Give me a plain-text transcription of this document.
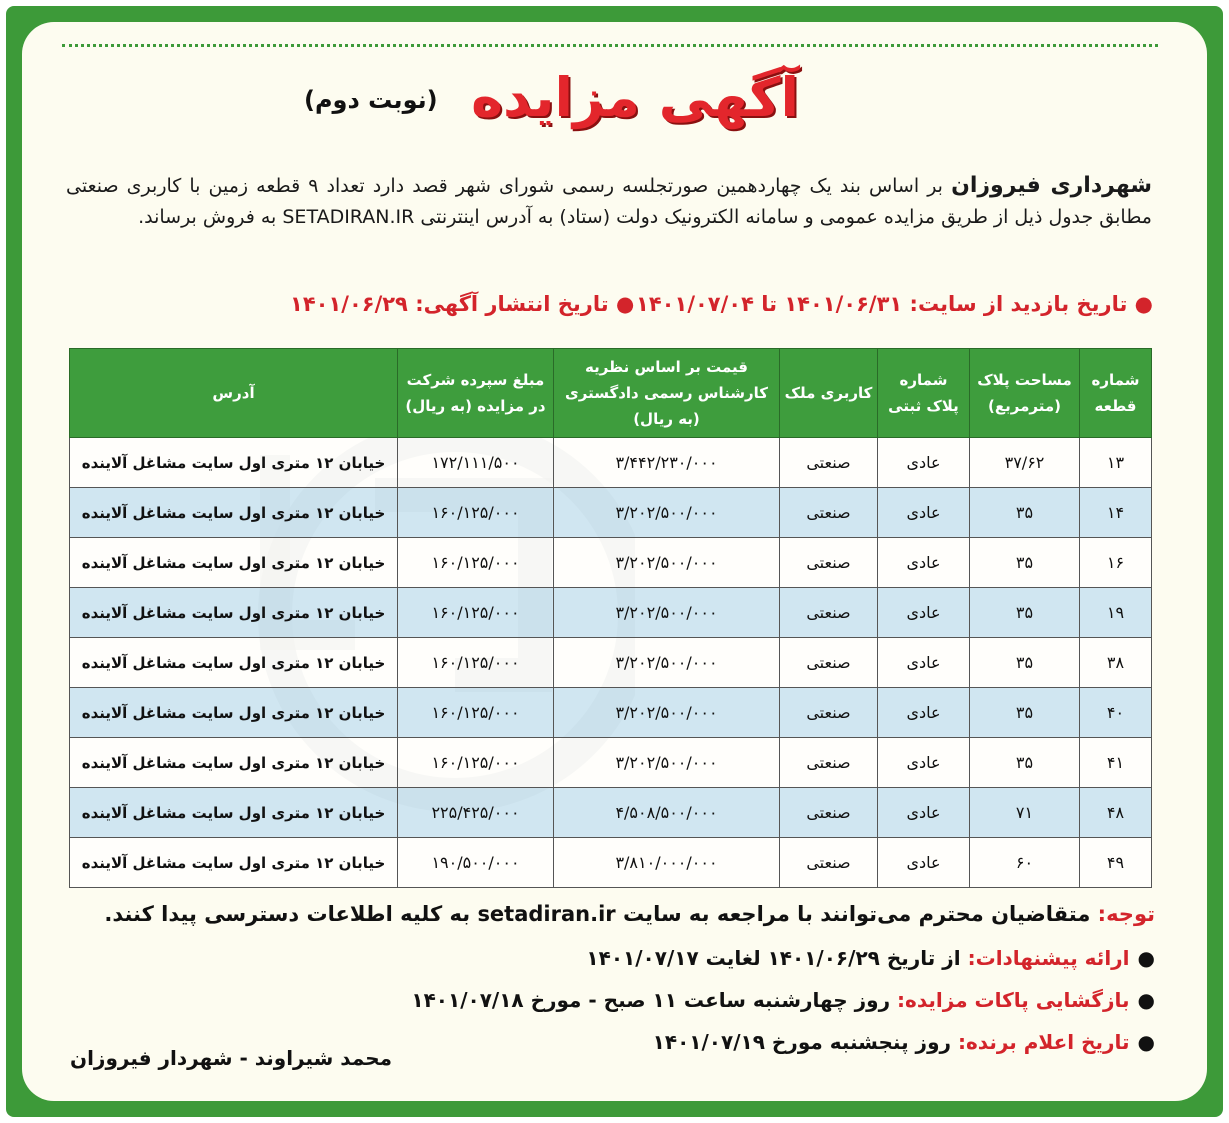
آگهی مزایده
(نوبت دوم)
شهرداری فیروزان بر اساس بند یک چهاردهمین صورتجلسه رسمی شورای شهر قصد دارد تعداد ۹ قطعه زمین با کاربری صنعتی مطابق جدول ذیل از طریق مزایده عمومی و سامانه الکترونیک دولت (ستاد) به آدرس اینترنتی SETADIRAN.IR به فروش برساند.
● تاریخ بازدید از سایت: ۱۴۰۱/۰۶/۳۱ تا ۱۴۰۱/۰۷/۰۴
● تاریخ انتشار آگهی: ۱۴۰۱/۰۶/۲۹
شماره قطعه	مساحت پلاک (مترمربع)	شماره پلاک ثبتی	کاربری ملک	قیمت بر اساس نظریه کارشناس رسمی دادگستری (به ریال)	مبلغ سپرده شرکت در مزایده (به ریال)	آدرس
۱۳	۳۷/۶۲	عادی	صنعتی	۳/۴۴۲/۲۳۰/۰۰۰	۱۷۲/۱۱۱/۵۰۰	خیابان ۱۲ متری اول سایت مشاغل آلاینده
۱۴	۳۵	عادی	صنعتی	۳/۲۰۲/۵۰۰/۰۰۰	۱۶۰/۱۲۵/۰۰۰	خیابان ۱۲ متری اول سایت مشاغل آلاینده
۱۶	۳۵	عادی	صنعتی	۳/۲۰۲/۵۰۰/۰۰۰	۱۶۰/۱۲۵/۰۰۰	خیابان ۱۲ متری اول سایت مشاغل آلاینده
۱۹	۳۵	عادی	صنعتی	۳/۲۰۲/۵۰۰/۰۰۰	۱۶۰/۱۲۵/۰۰۰	خیابان ۱۲ متری اول سایت مشاغل آلاینده
۳۸	۳۵	عادی	صنعتی	۳/۲۰۲/۵۰۰/۰۰۰	۱۶۰/۱۲۵/۰۰۰	خیابان ۱۲ متری اول سایت مشاغل آلاینده
۴۰	۳۵	عادی	صنعتی	۳/۲۰۲/۵۰۰/۰۰۰	۱۶۰/۱۲۵/۰۰۰	خیابان ۱۲ متری اول سایت مشاغل آلاینده
۴۱	۳۵	عادی	صنعتی	۳/۲۰۲/۵۰۰/۰۰۰	۱۶۰/۱۲۵/۰۰۰	خیابان ۱۲ متری اول سایت مشاغل آلاینده
۴۸	۷۱	عادی	صنعتی	۴/۵۰۸/۵۰۰/۰۰۰	۲۲۵/۴۲۵/۰۰۰	خیابان ۱۲ متری اول سایت مشاغل آلاینده
۴۹	۶۰	عادی	صنعتی	۳/۸۱۰/۰۰۰/۰۰۰	۱۹۰/۵۰۰/۰۰۰	خیابان ۱۲ متری اول سایت مشاغل آلاینده
توجه: متقاضیان محترم می‌توانند با مراجعه به سایت setadiran.ir به کلیه اطلاعات دسترسی پیدا کنند.
●ارائه پیشنهادات: از تاریخ ۱۴۰۱/۰۶/۲۹ لغایت ۱۴۰۱/۰۷/۱۷
●بازگشایی پاکات مزایده: روز چهارشنبه ساعت ۱۱ صبح - مورخ ۱۴۰۱/۰۷/۱۸
●تاریخ اعلام برنده: روز پنجشنبه مورخ ۱۴۰۱/۰۷/۱۹
محمد شیراوند - شهردار فیروزان
